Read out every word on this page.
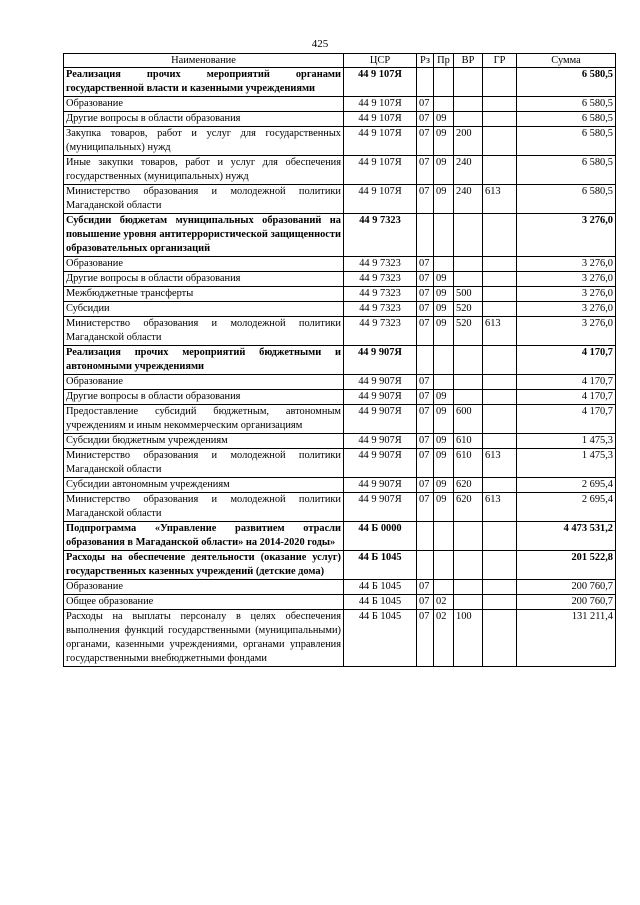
425
Наименование	ЦСР	Рз	Пр	ВР	ГР	Сумма
Реализация прочих мероприятий органами государственной власти и казенными учреждениями	44 9 107Я					6 580,5
Образование	44 9 107Я	07				6 580,5
Другие вопросы в области образования	44 9 107Я	07	09			6 580,5
Закупка товаров, работ и услуг для государственных (муниципальных) нужд	44 9 107Я	07	09	200		6 580,5
Иные закупки товаров, работ и услуг для обеспечения государственных (муниципальных) нужд	44 9 107Я	07	09	240		6 580,5
Министерство образования и молодежной политики Магаданской области	44 9 107Я	07	09	240	613	6 580,5
Субсидии бюджетам муниципальных образований на повышение уровня антитеррористической защищенности образовательных организаций	44 9 7323					3 276,0
Образование	44 9 7323	07				3 276,0
Другие вопросы в области образования	44 9 7323	07	09			3 276,0
Межбюджетные трансферты	44 9 7323	07	09	500		3 276,0
Субсидии	44 9 7323	07	09	520		3 276,0
Министерство образования и молодежной политики Магаданской области	44 9 7323	07	09	520	613	3 276,0
Реализация прочих мероприятий бюджетными и автономными учреждениями	44 9 907Я					4 170,7
Образование	44 9 907Я	07				4 170,7
Другие вопросы в области образования	44 9 907Я	07	09			4 170,7
Предоставление субсидий бюджетным, автономным учреждениям и иным некоммерческим организациям	44 9 907Я	07	09	600		4 170,7
Субсидии бюджетным учреждениям	44 9 907Я	07	09	610		1 475,3
Министерство образования и молодежной политики Магаданской области	44 9 907Я	07	09	610	613	1 475,3
Субсидии автономным учреждениям	44 9 907Я	07	09	620		2 695,4
Министерство образования и молодежной политики Магаданской области	44 9 907Я	07	09	620	613	2 695,4
Подпрограмма «Управление развитием отрасли образования в Магаданской области» на 2014-2020 годы»	44 Б 0000					4 473 531,2
Расходы на обеспечение деятельности (оказание услуг) государственных казенных учреждений (детские дома)	44 Б 1045					201 522,8
Образование	44 Б 1045	07				200 760,7
Общее образование	44 Б 1045	07	02			200 760,7
Расходы на выплаты персоналу в целях обеспечения выполнения функций государственными (муниципальными) органами, казенными учреждениями, органами управления государственными внебюджетными фондами	44 Б 1045	07	02	100		131 211,4
